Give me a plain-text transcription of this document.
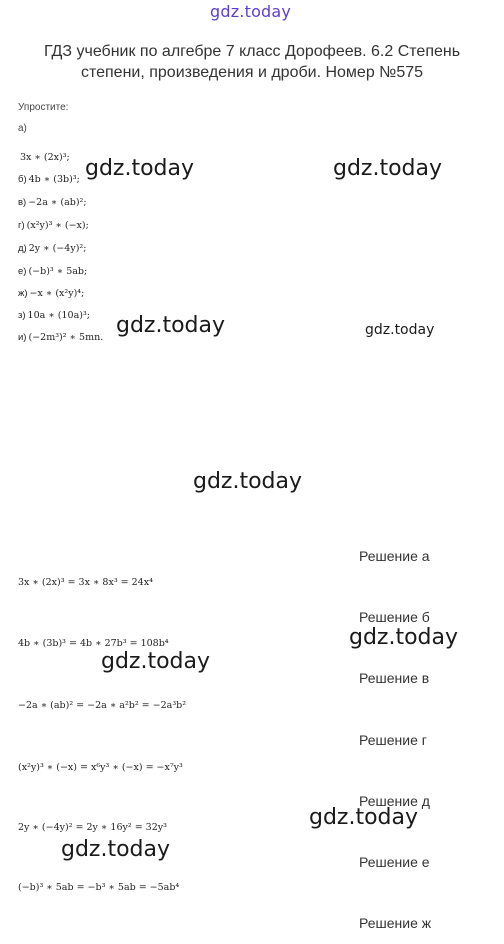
gdz.today
ГДЗ учебник по алгебре 7 класс Дорофеев. 6.2 Степень
степени, произведения и дроби. Номер №575
Упростите:
а)
3x ∗ (2x)³;
б) 4b ∗ (3b)³;
в) −2a ∗ (ab)²;
г) (x²y)³ ∗ (−x);
д) 2y ∗ (−4y)²;
е) (−b)³ ∗ 5ab;
ж) −x ∗ (x²y)⁴;
з) 10a ∗ (10a)³;
и) (−2m³)² ∗ 5mn.
gdz.today	gdz.today
gdz.today	gdz.today
gdz.today
gdz.today
gdz.today
gdz.today
gdz.today
Решение а
3x ∗ (2x)³ = 3x ∗ 8x³ = 24x⁴
Решение б
4b ∗ (3b)³ = 4b ∗ 27b³ = 108b⁴
Решение в
−2a ∗ (ab)² = −2a ∗ a²b² = −2a³b²
Решение г
(x²y)³ ∗ (−x) = x⁶y³ ∗ (−x) = −x⁷y³
Решение д
2y ∗ (−4y)² = 2y ∗ 16y² = 32y³
Решение е
(−b)³ ∗ 5ab = −b³ ∗ 5ab = −5ab⁴
Решение ж
